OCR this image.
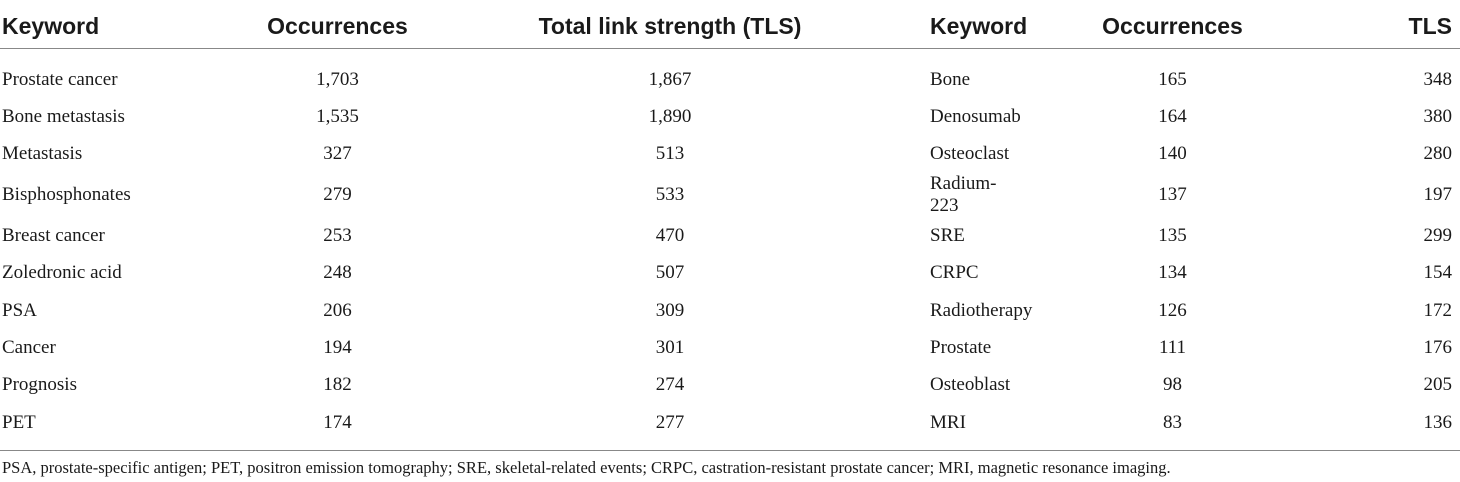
Keyword	Occurrences	Total link strength (TLS)	Keyword	Occurrences	TLS
Prostate cancer	1,703	1,867	Bone	165	348
Bone metastasis	1,535	1,890	Denosumab	164	380
Metastasis	327	513	Osteoclast	140	280
Bisphosphonates	279	533	Radium-223	137	197
Breast cancer	253	470	SRE	135	299
Zoledronic acid	248	507	CRPC	134	154
PSA	206	309	Radiotherapy	126	172
Cancer	194	301	Prostate	111	176
Prognosis	182	274	Osteoblast	98	205
PET	174	277	MRI	83	136
PSA, prostate-specific antigen; PET, positron emission tomography; SRE, skeletal-related events; CRPC, castration-resistant prostate cancer; MRI, magnetic resonance imaging.
